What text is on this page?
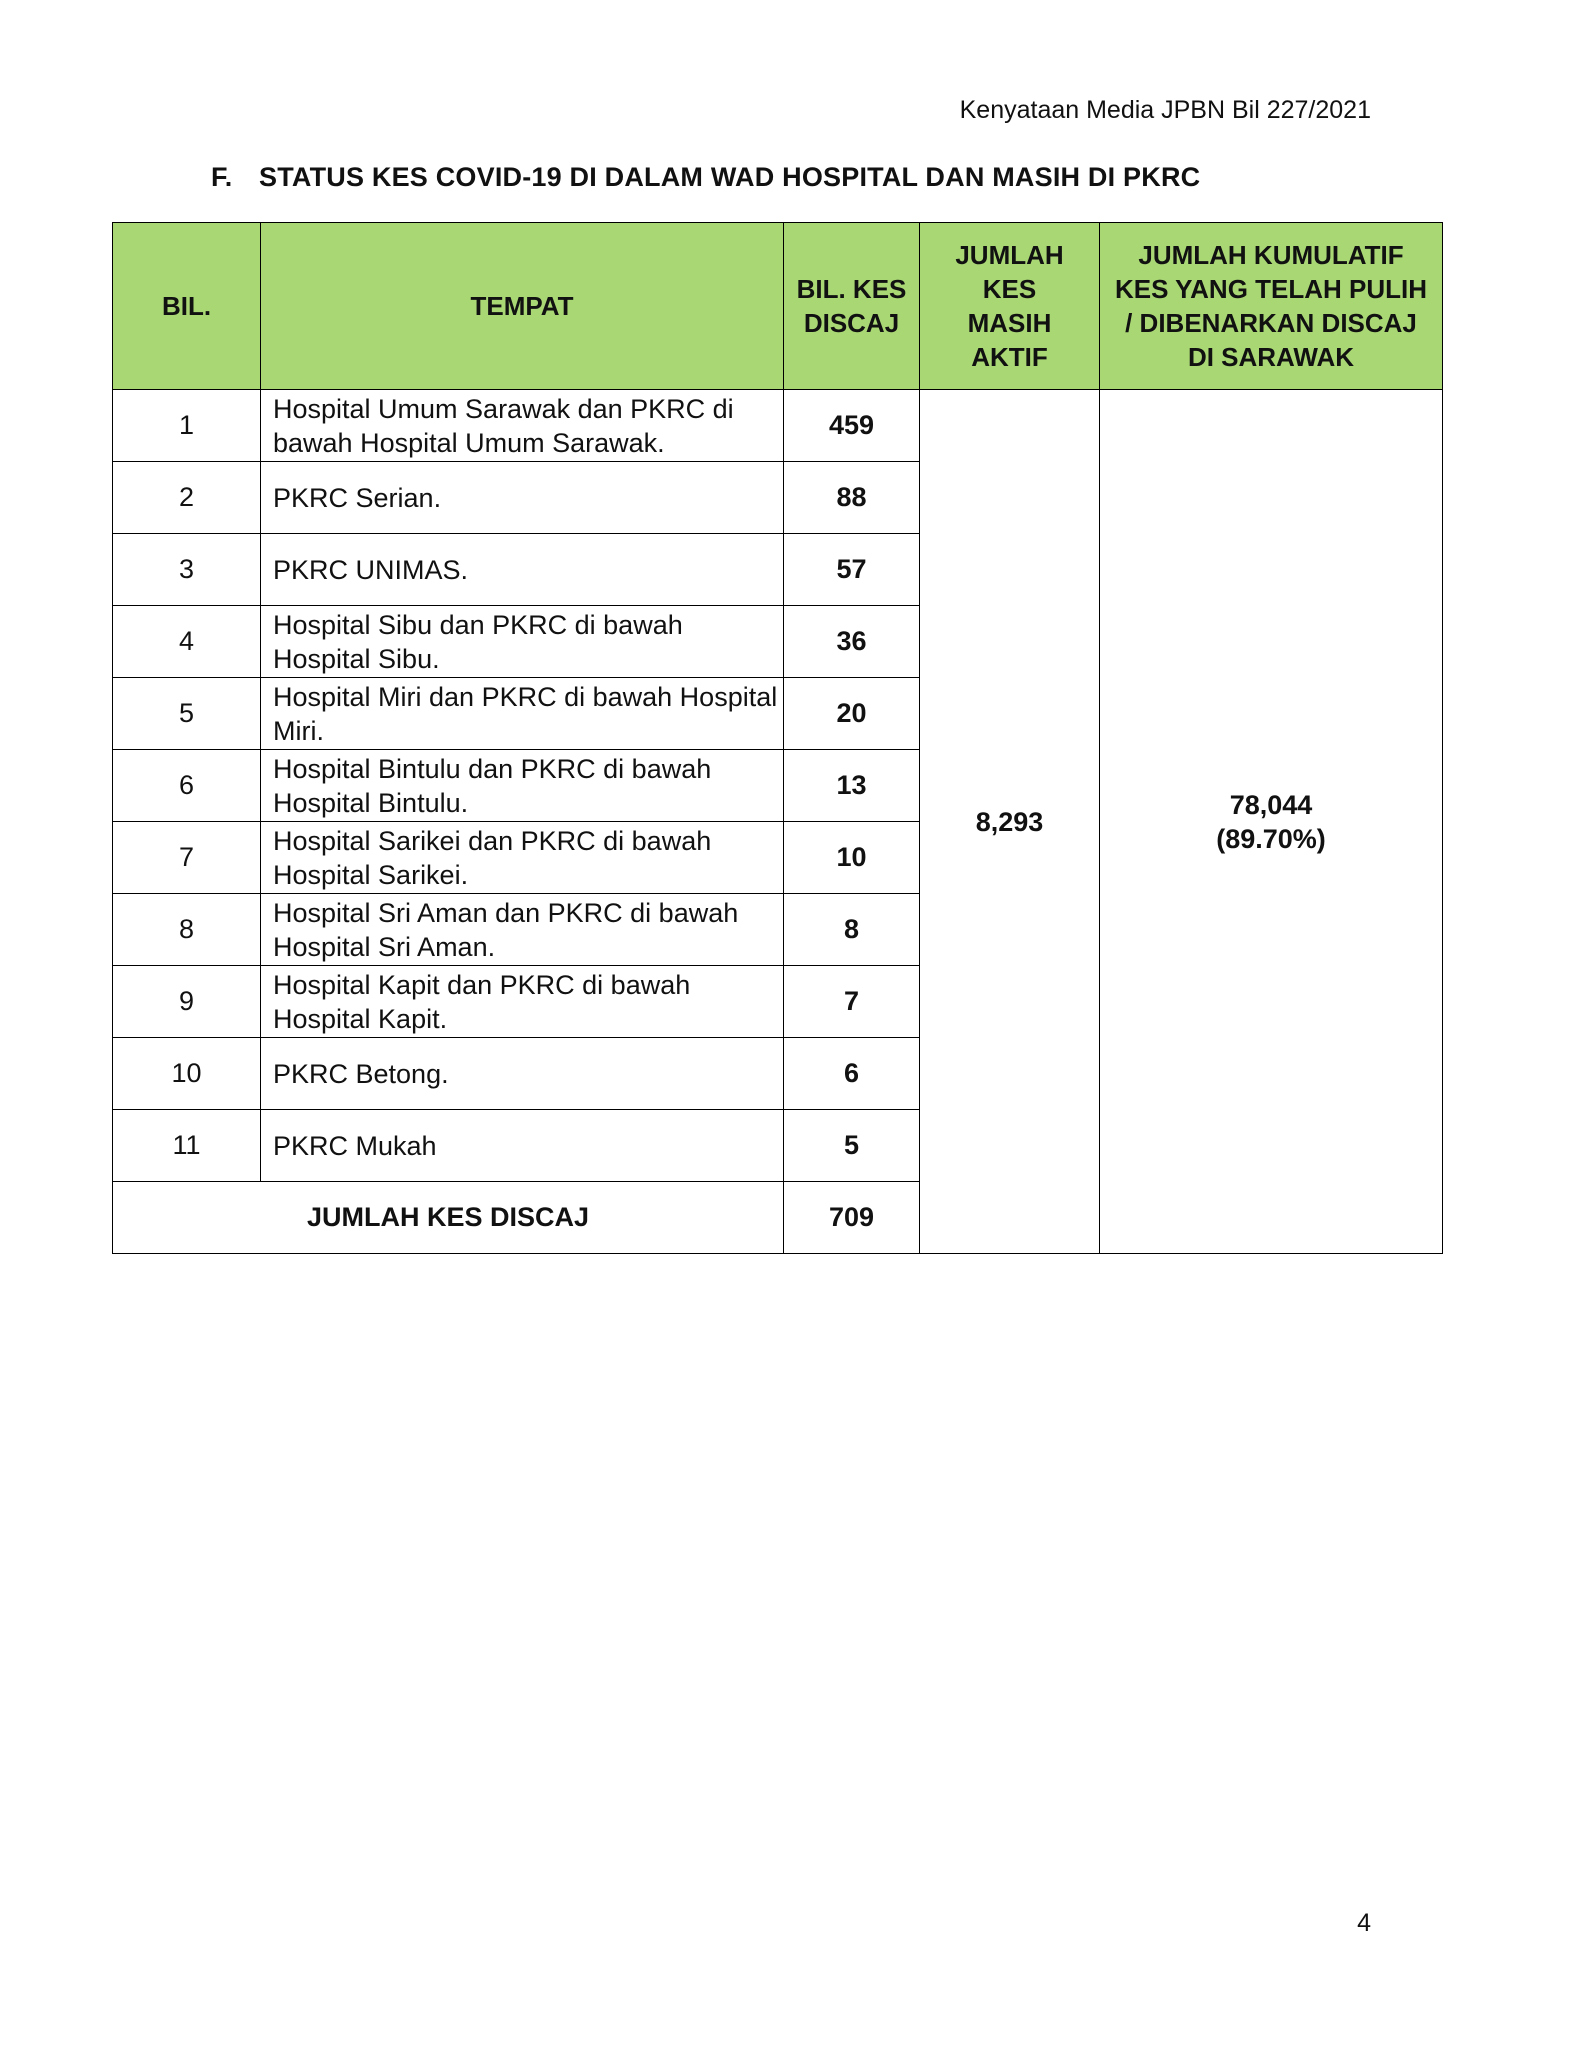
Kenyataan Media JPBN Bil 227/2021
F. STATUS KES COVID-19 DI DALAM WAD HOSPITAL DAN MASIH DI PKRC
BIL.	TEMPAT	BIL. KES DISCAJ	JUMLAH KES MASIH AKTIF	JUMLAH KUMULATIF KES YANG TELAH PULIH / DIBENARKAN DISCAJ DI SARAWAK
1	Hospital Umum Sarawak dan PKRC di bawah Hospital Umum Sarawak.	459	8,293	78,044
(89.70%)

2	PKRC Serian.	88		
3	PKRC UNIMAS.	57		
4	Hospital Sibu dan PKRC di bawah Hospital Sibu.	36		
5	Hospital Miri dan PKRC di bawah Hospital Miri.	20		
6	Hospital Bintulu dan PKRC di bawah Hospital Bintulu.	13		
7	Hospital Sarikei dan PKRC di bawah Hospital Sarikei.	10		
8	Hospital Sri Aman dan PKRC di bawah Hospital Sri Aman.	8		
9	Hospital Kapit dan PKRC di bawah Hospital Kapit.	7		
10	PKRC Betong.	6		
11	PKRC Mukah	5		
JUMLAH KES DISCAJ		709		
4
